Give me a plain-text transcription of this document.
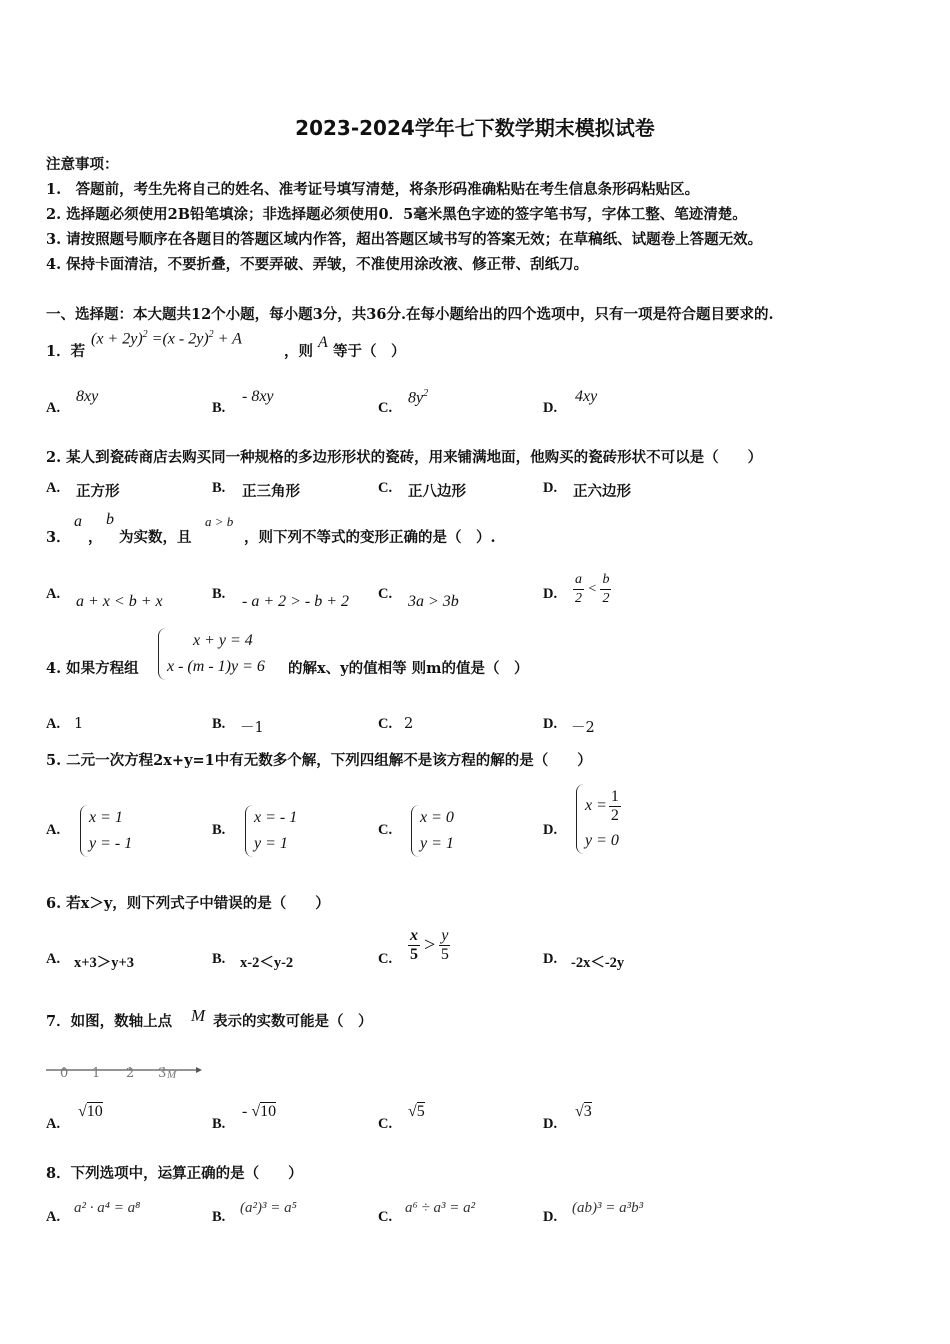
2023-2024学年七下数学期末模拟试卷
注意事项：
1.　答题前，考生先将自己的姓名、准考证号填写清楚，将条形码准确粘贴在考生信息条形码粘贴区。
2. 选择题必须使用2B铅笔填涂；非选择题必须使用0．5毫米黑色字迹的签字笔书写，字体工整、笔迹清楚。
3. 请按照题号顺序在各题目的答题区域内作答，超出答题区域书写的答案无效；在草稿纸、试题卷上答题无效。
4. 保持卡面清洁，不要折叠，不要弄破、弄皱，不准使用涂改液、修正带、刮纸刀。
一、选择题：本大题共12个小题，每小题3分，共36分.在每小题给出的四个选项中，只有一项是符合题目要求的.
1．若
$(x + 2y)^2 =(x - 2y)^2 + A$
，则
A
等于（　）
A.
8xy
B.
- 8xy
C.
$8y^2$
D.
4xy
2. 某人到瓷砖商店去购买同一种规格的多边形形状的瓷砖，用来铺满地面，他购买的瓷砖形状不可以是（　　）
A. 正方形	B. 正三角形	C. 正八边形	D. 正六边形
3．
a
，
b
为实数，且
a > b
，则下列不等式的变形正确的是（　）.
A. a + x < b + x	B. - a + 2 > - b + 2 C. 3a > 3b	D. $\frac{a}{2} < \frac{b}{2}$
4. 如果方程组
x + y = 4
x - (m - 1)y = 6 的解x、y的值相等 则m的值是（　）
A. 1	B. －1	C. 2	D. －2
5. 二元一次方程2x+y=1中有无数多个解，下列四组解不是该方程的解的是（　　）
A.
x = 1
y = - 1
B.
x = - 1
y = 1
C.
x = 0
y = 1
D.
$x = \frac{1}{2}$
y = 0
6. 若x＞y，则下列式子中错误的是（　　）
A. x+3＞y+3	B. x-2＜y-2	C. $\frac{x}{5} > \frac{y}{5}$	D. -2x＜-2y
7．如图，数轴上点 M 表示的实数可能是（　）
0 1 2 3 M
A.
√10
B.
- √10
C.
√5
D.
√3
8．下列选项中，运算正确的是（　　）
A.
a² · a⁴ = a⁸
B.
(a²)³ = a⁵
C.
a⁶ ÷ a³ = a²
D.
(ab)³ = a³b³
